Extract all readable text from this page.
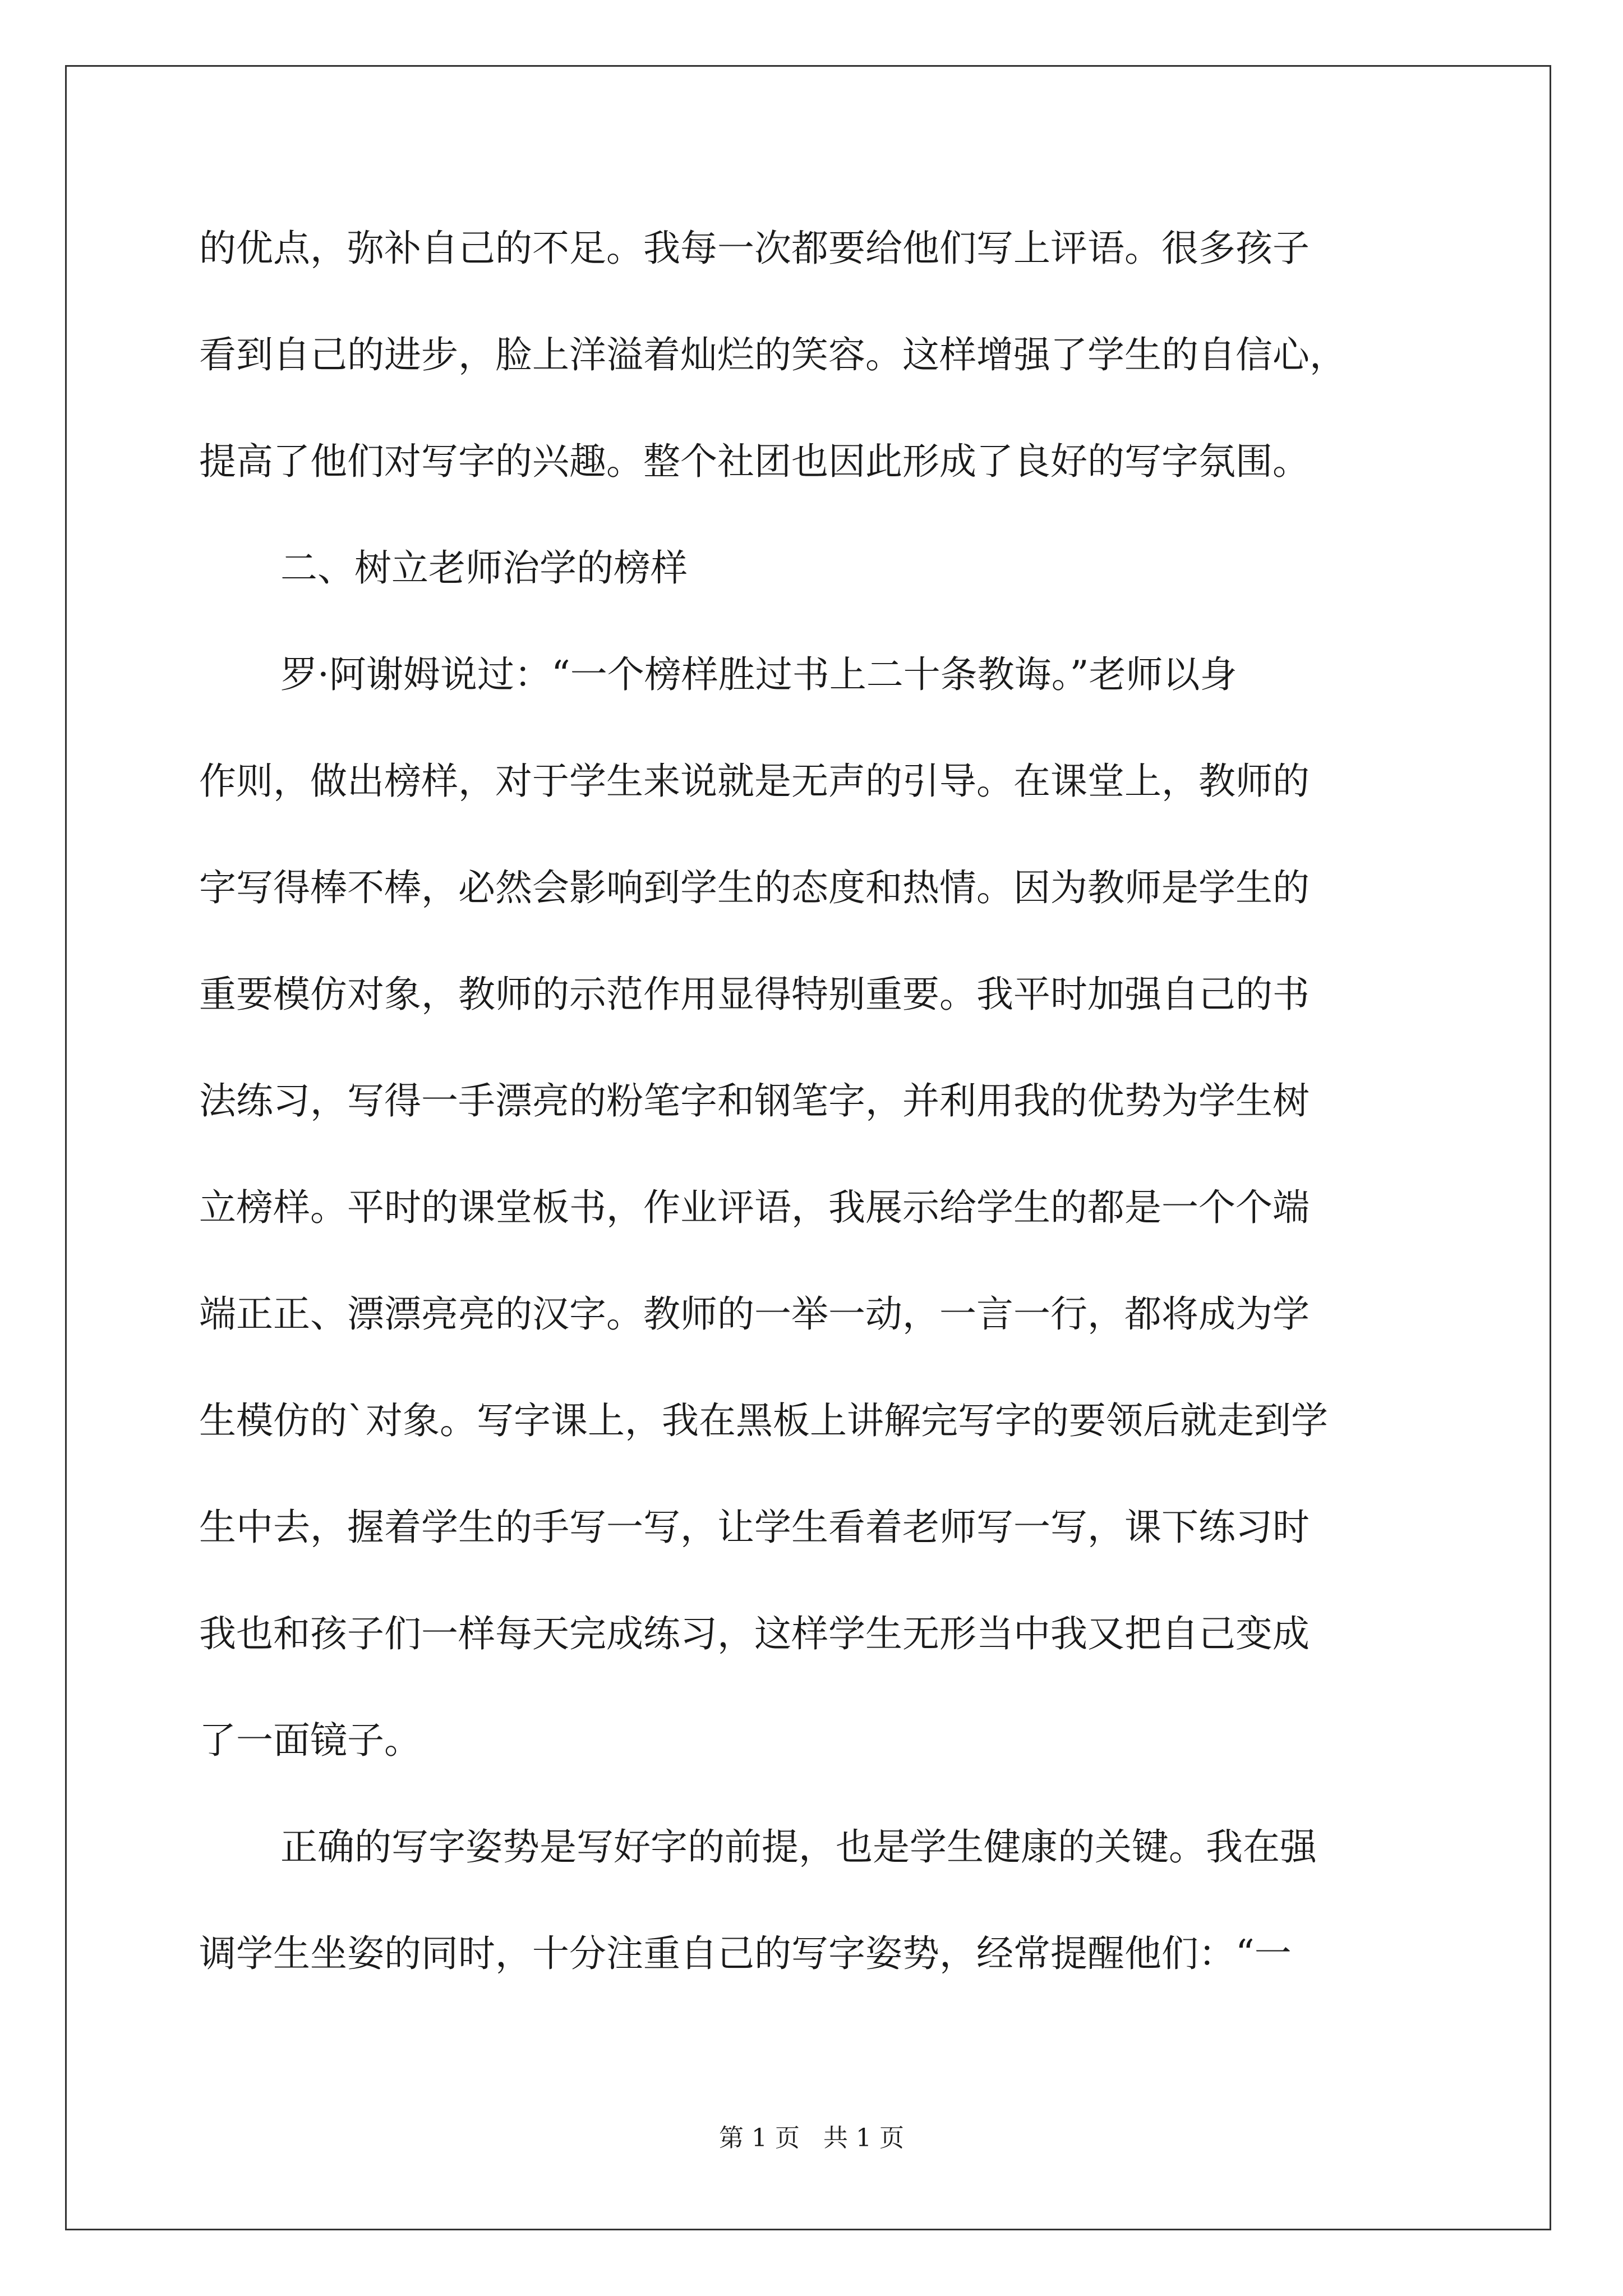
的优点，弥补自己的不足。我每一次都要给他们写上评语。很多孩子
看到自己的进步，脸上洋溢着灿烂的笑容。这样增强了学生的自信心，
提高了他们对写字的兴趣。整个社团也因此形成了良好的写字氛围。
二、树立老师治学的榜样
罗·阿谢姆说过：“一个榜样胜过书上二十条教诲。”老师以身
作则，做出榜样，对于学生来说就是无声的引导。在课堂上，教师的
字写得棒不棒，必然会影响到学生的态度和热情。因为教师是学生的
重要模仿对象，教师的示范作用显得特别重要。我平时加强自己的书
法练习，写得一手漂亮的粉笔字和钢笔字，并利用我的优势为学生树
立榜样。平时的课堂板书，作业评语，我展示给学生的都是一个个端
端正正、漂漂亮亮的汉字。教师的一举一动，一言一行，都将成为学
生模仿的`对象。写字课上，我在黑板上讲解完写字的要领后就走到学
生中去，握着学生的手写一写，让学生看着老师写一写，课下练习时
我也和孩子们一样每天完成练习，这样学生无形当中我又把自己变成
了一面镜子。
正确的写字姿势是写好字的前提，也是学生健康的关键。我在强
调学生坐姿的同时，十分注重自己的写字姿势，经常提醒他们：“一
第 1 页   共 1 页
